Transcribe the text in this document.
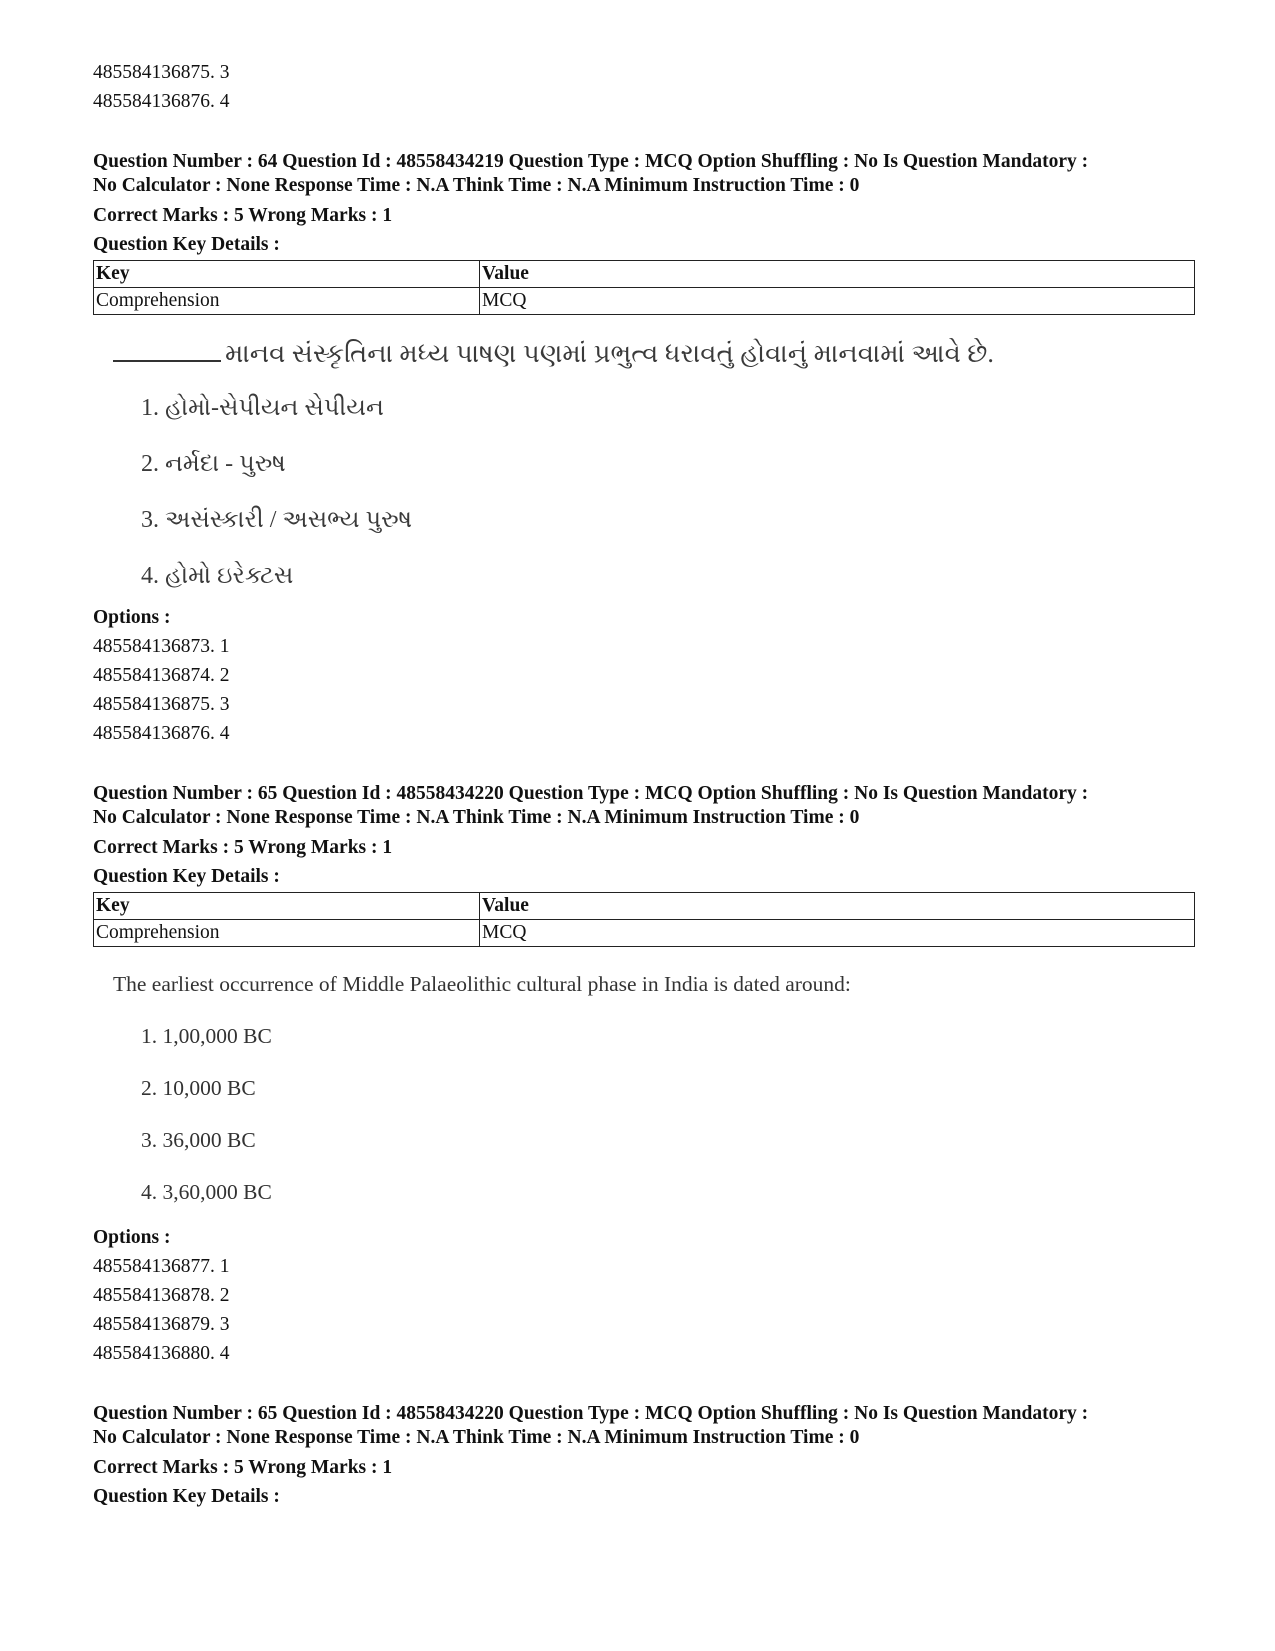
485584136875. 3
485584136876. 4
Question Number : 64 Question Id : 48558434219 Question Type : MCQ Option Shuffling : No Is Question Mandatory :
No Calculator : None Response Time : N.A Think Time : N.A Minimum Instruction Time : 0
Correct Marks : 5 Wrong Marks : 1
Question Key Details :
Key	Value
Comprehension	MCQ
માનવ સંસ્કૃતિના મધ્ય પાષણ પણમાં પ્રભુત્વ ધરાવતું હોવાનું માનવામાં આવે છે.
1. હોમો-સેપીયન સેપીયન
2. નર્મદા - પુરુષ
3. અસંસ્કારી / અસભ્ય પુરુષ
4. હોમો ઇરેક્ટસ
Options :
485584136873. 1
485584136874. 2
485584136875. 3
485584136876. 4
Question Number : 65 Question Id : 48558434220 Question Type : MCQ Option Shuffling : No Is Question Mandatory :
No Calculator : None Response Time : N.A Think Time : N.A Minimum Instruction Time : 0
Correct Marks : 5 Wrong Marks : 1
Question Key Details :
Key	Value
Comprehension	MCQ
The earliest occurrence of Middle Palaeolithic cultural phase in India is dated around:
1. 1,00,000 BC
2. 10,000 BC
3. 36,000 BC
4. 3,60,000 BC
Options :
485584136877. 1
485584136878. 2
485584136879. 3
485584136880. 4
Question Number : 65 Question Id : 48558434220 Question Type : MCQ Option Shuffling : No Is Question Mandatory :
No Calculator : None Response Time : N.A Think Time : N.A Minimum Instruction Time : 0
Correct Marks : 5 Wrong Marks : 1
Question Key Details :
